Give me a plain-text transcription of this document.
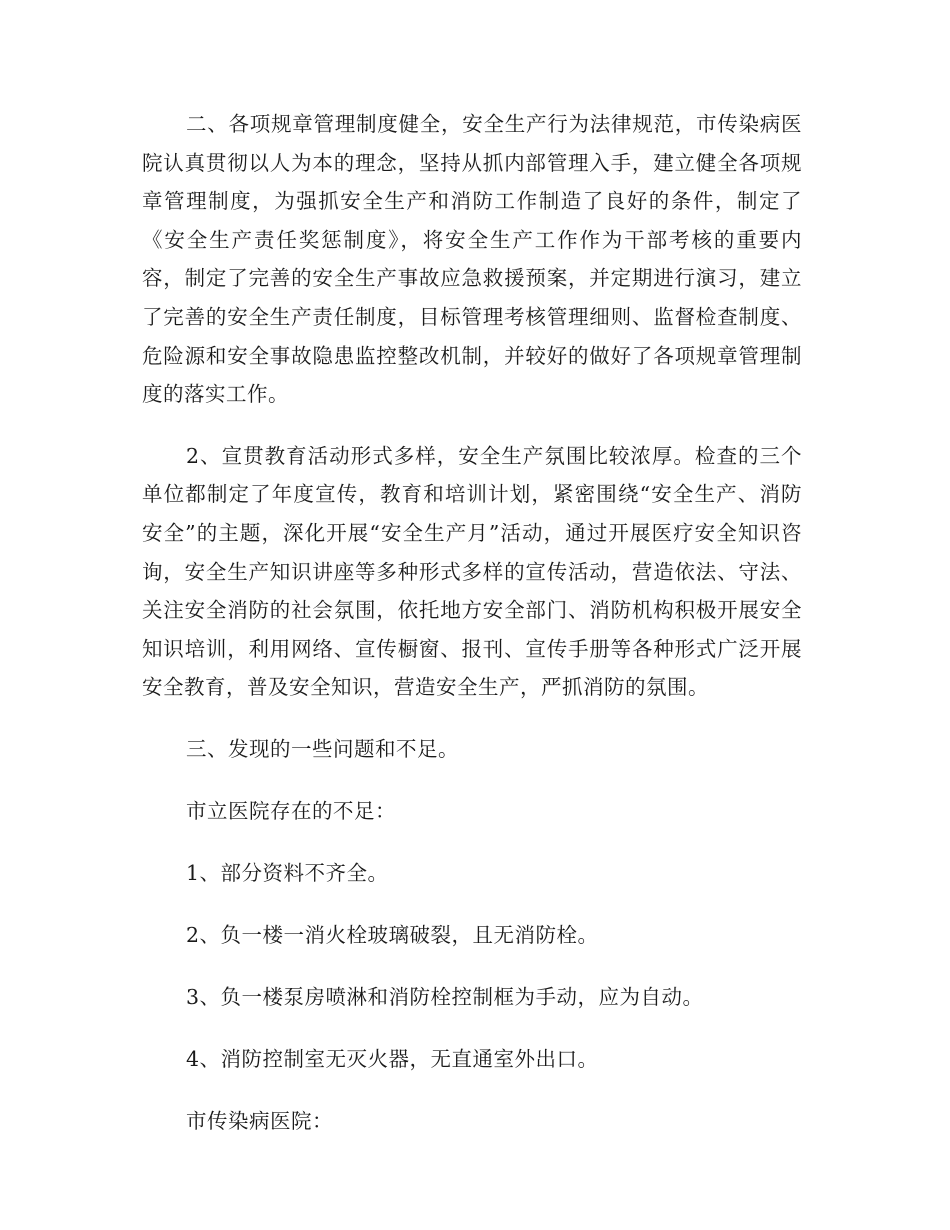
二、各项规章管理制度健全，安全生产行为法律规范，市传染病医院认真贯彻以人为本的理念，坚持从抓内部管理入手，建立健全各项规章管理制度，为强抓安全生产和消防工作制造了良好的条件，制定了《安全生产责任奖惩制度》，将安全生产工作作为干部考核的重要内容，制定了完善的安全生产事故应急救援预案，并定期进行演习，建立了完善的安全生产责任制度，目标管理考核管理细则、监督检查制度、危险源和安全事故隐患监控整改机制，并较好的做好了各项规章管理制度的落实工作。

2、宣贯教育活动形式多样，安全生产氛围比较浓厚。检查的三个单位都制定了年度宣传，教育和培训计划，紧密围绕“安全生产、消防安全”的主题，深化开展“安全生产月”活动，通过开展医疗安全知识咨询，安全生产知识讲座等多种形式多样的宣传活动，营造依法、守法、关注安全消防的社会氛围，依托地方安全部门、消防机构积极开展安全知识培训，利用网络、宣传橱窗、报刊、宣传手册等各种形式广泛开展安全教育，普及安全知识，营造安全生产，严抓消防的氛围。

三、发现的一些问题和不足。

市立医院存在的不足：

1、部分资料不齐全。

2、负一楼一消火栓玻璃破裂，且无消防栓。

3、负一楼泵房喷淋和消防栓控制框为手动，应为自动。

4、消防控制室无灭火器，无直通室外出口。

市传染病医院：
